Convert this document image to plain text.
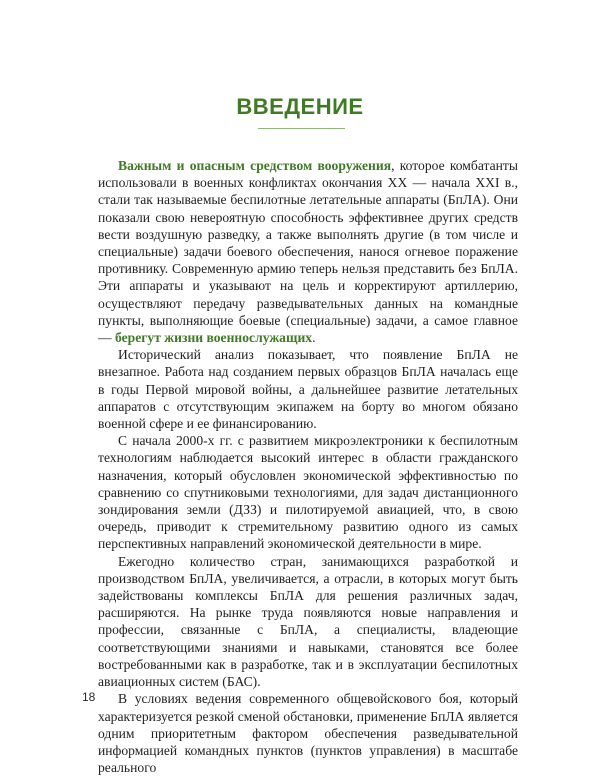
ВВЕДЕНИЕ

Важным и опасным средством вооружения, которое комбатанты использовали в военных конфликтах окончания ХХ — начала ХХI в., стали так называемые беспилотные летательные аппараты (БпЛА). Они показали свою невероятную способность эффективнее других средств вести воздушную разведку, а также выполнять другие (в том числе и специальные) задачи боевого обеспечения, нанося огневое поражение противнику. Современную армию теперь нельзя представить без БпЛА. Эти аппараты и указывают на цель и корректируют артиллерию, осуществляют передачу разведывательных данных на командные пункты, выполняющие боевые (специальные) задачи, а самое главное — берегут жизни военнослужащих.

Исторический анализ показывает, что появление БпЛА не внезапное. Работа над созданием первых образцов БпЛА началась еще в годы Первой мировой войны, а дальнейшее развитие летательных аппаратов с отсутствующим экипажем на борту во многом обязано военной сфере и ее финансированию.

С начала 2000-х гг. с развитием микроэлектроники к беспилотным технологиям наблюдается высокий интерес в области гражданского назначения, который обусловлен экономической эффективностью по сравнению со спутниковыми технологиями, для задач дистанционного зондирования земли (ДЗЗ) и пилотируемой авиацией, что, в свою очередь, приводит к стремительному развитию одного из самых перспективных направлений экономической деятельности в мире.

Ежегодно количество стран, занимающихся разработкой и производством БпЛА, увеличивается, а отрасли, в которых могут быть задействованы комплексы БпЛА для решения различных задач, расширяются. На рынке труда появляются новые направления и профессии, связанные с БпЛА, а специалисты, владеющие соответствующими знаниями и навыками, становятся все более востребованными как в разработке, так и в эксплуатации беспилотных авиационных систем (БАС).

В условиях ведения современного общевойскового боя, который характеризуется резкой сменой обстановки, применение БпЛА является одним приоритетным фактором обеспечения разведывательной информацией командных пунктов (пунктов управления) в масштабе реального

18
